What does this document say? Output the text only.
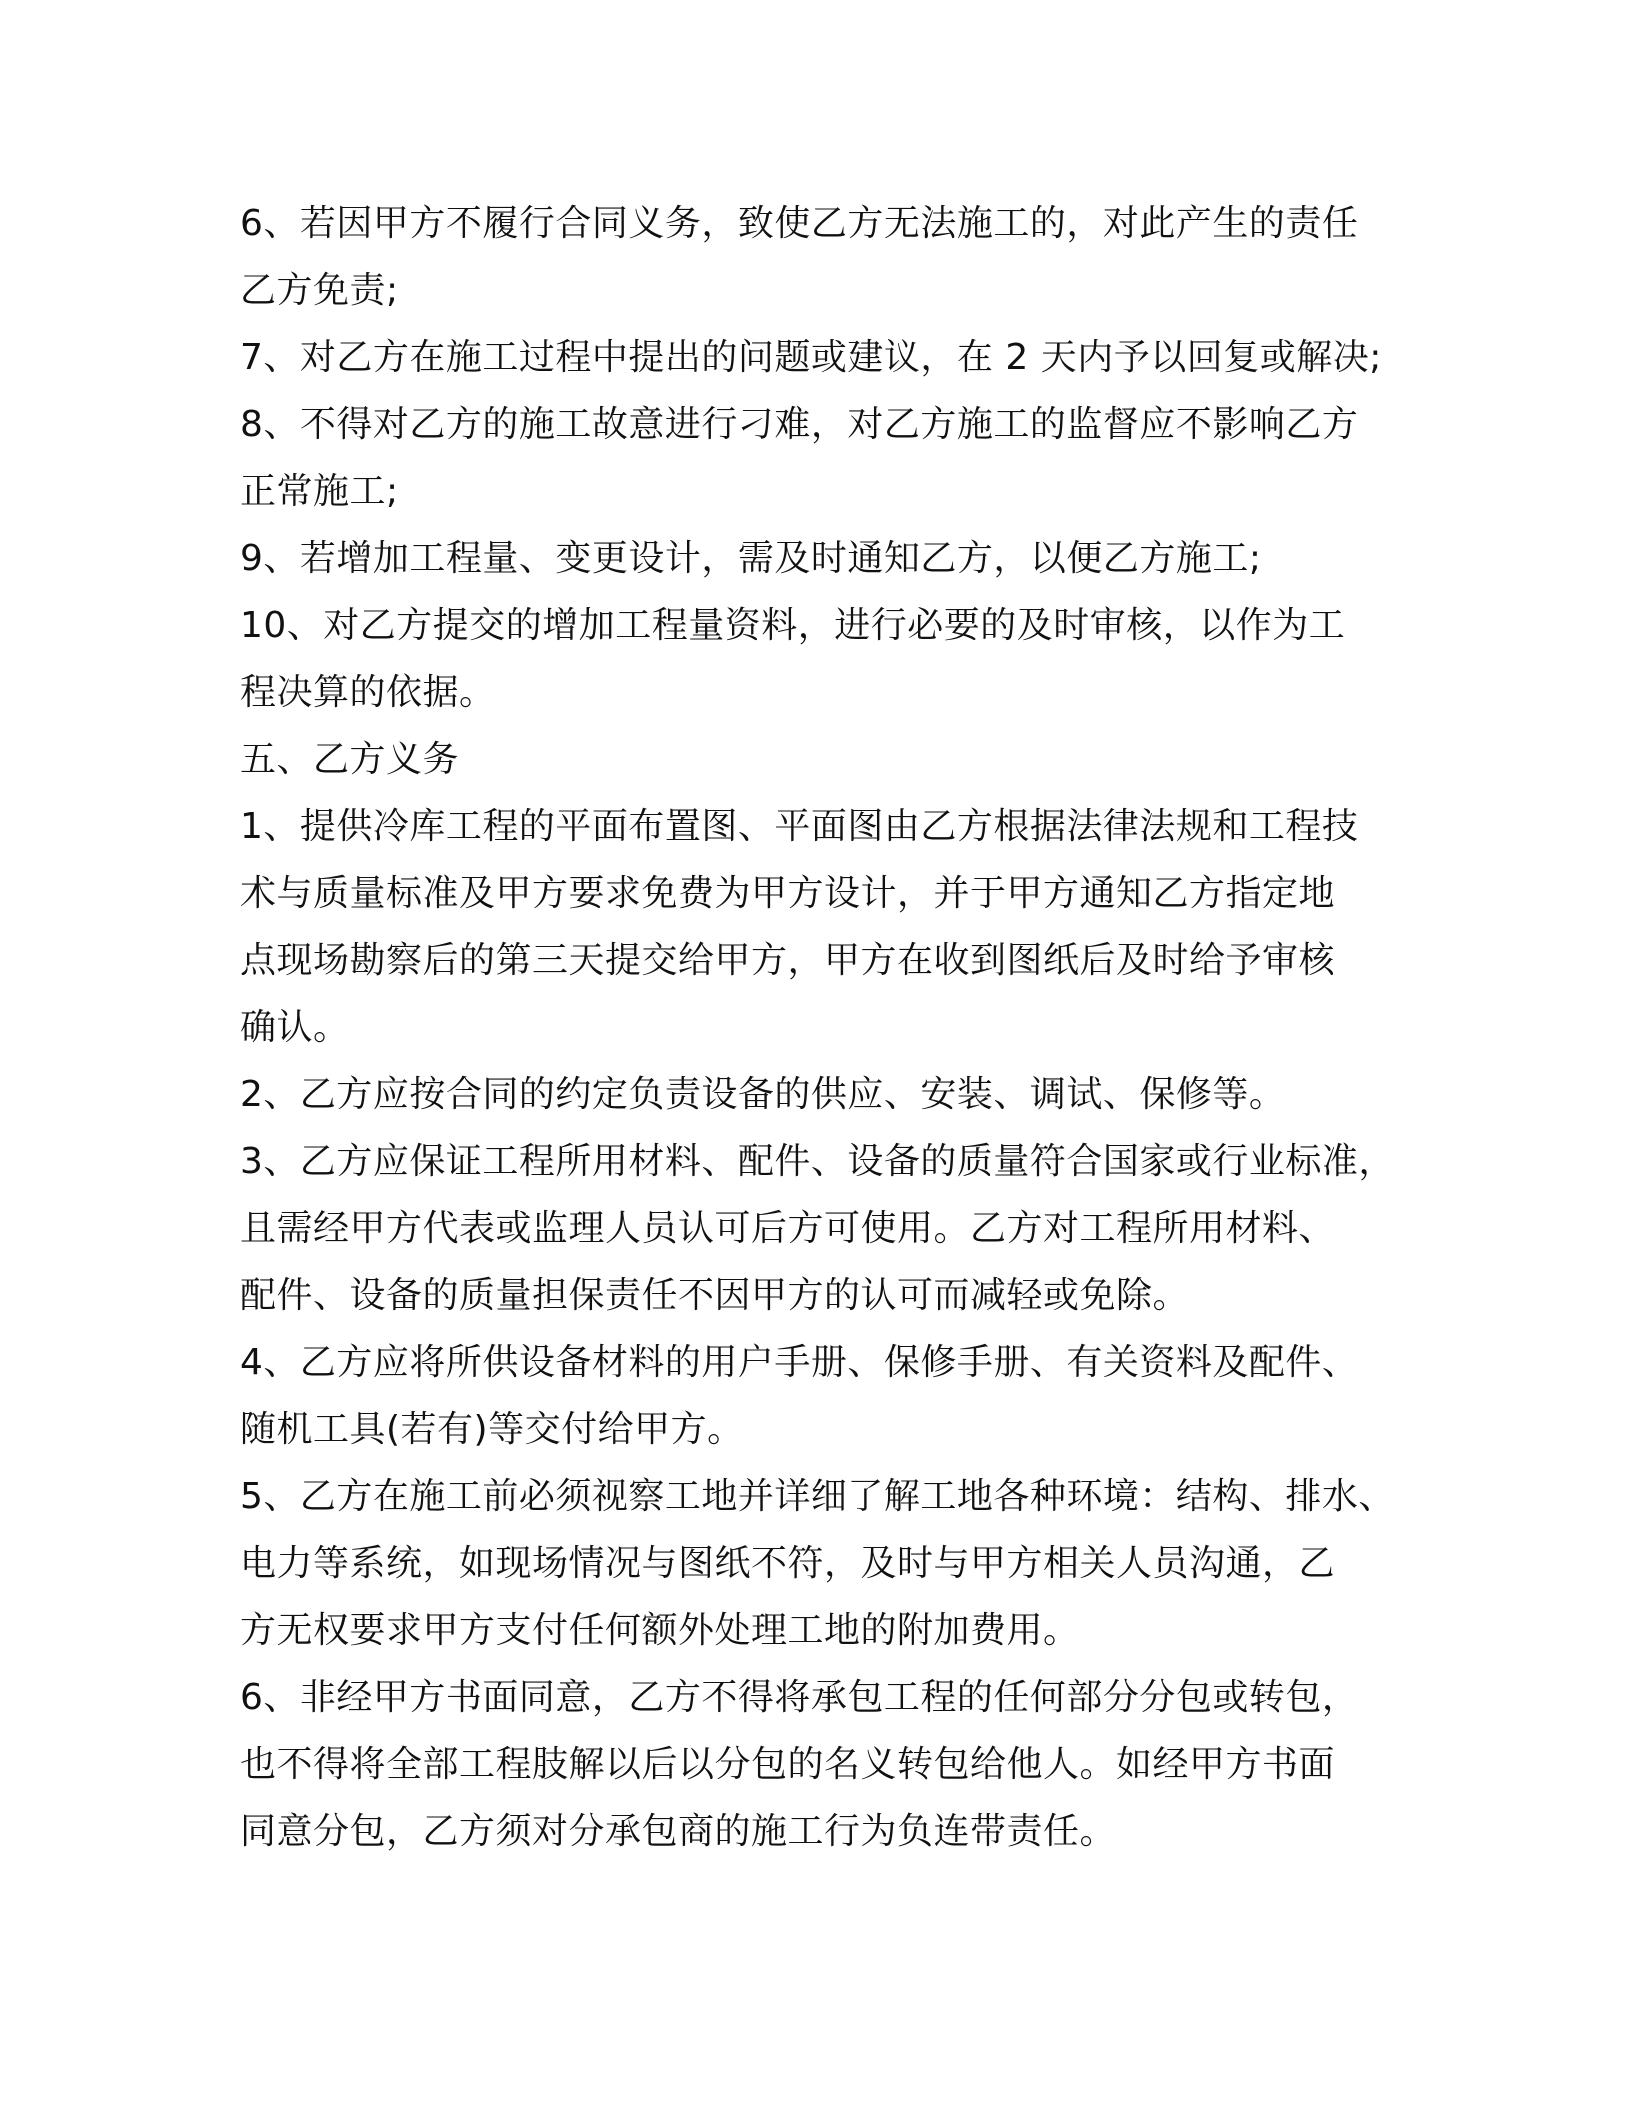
6、若因甲方不履行合同义务，致使乙方无法施工的，对此产生的责任
乙方免责;
7、对乙方在施工过程中提出的问题或建议，在 2 天内予以回复或解决;
8、不得对乙方的施工故意进行刁难，对乙方施工的监督应不影响乙方
正常施工;
9、若增加工程量、变更设计，需及时通知乙方，以便乙方施工;
10、对乙方提交的增加工程量资料，进行必要的及时审核，以作为工
程决算的依据。
五、乙方义务
1、提供冷库工程的平面布置图、平面图由乙方根据法律法规和工程技
术与质量标准及甲方要求免费为甲方设计，并于甲方通知乙方指定地
点现场勘察后的第三天提交给甲方，甲方在收到图纸后及时给予审核
确认。
2、乙方应按合同的约定负责设备的供应、安装、调试、保修等。
3、乙方应保证工程所用材料、配件、设备的质量符合国家或行业标准，
且需经甲方代表或监理人员认可后方可使用。乙方对工程所用材料、
配件、设备的质量担保责任不因甲方的认可而减轻或免除。
4、乙方应将所供设备材料的用户手册、保修手册、有关资料及配件、
随机工具(若有)等交付给甲方。
5、乙方在施工前必须视察工地并详细了解工地各种环境：结构、排水、
电力等系统，如现场情况与图纸不符，及时与甲方相关人员沟通，乙
方无权要求甲方支付任何额外处理工地的附加费用。
6、非经甲方书面同意，乙方不得将承包工程的任何部分分包或转包，
也不得将全部工程肢解以后以分包的名义转包给他人。如经甲方书面
同意分包，乙方须对分承包商的施工行为负连带责任。
